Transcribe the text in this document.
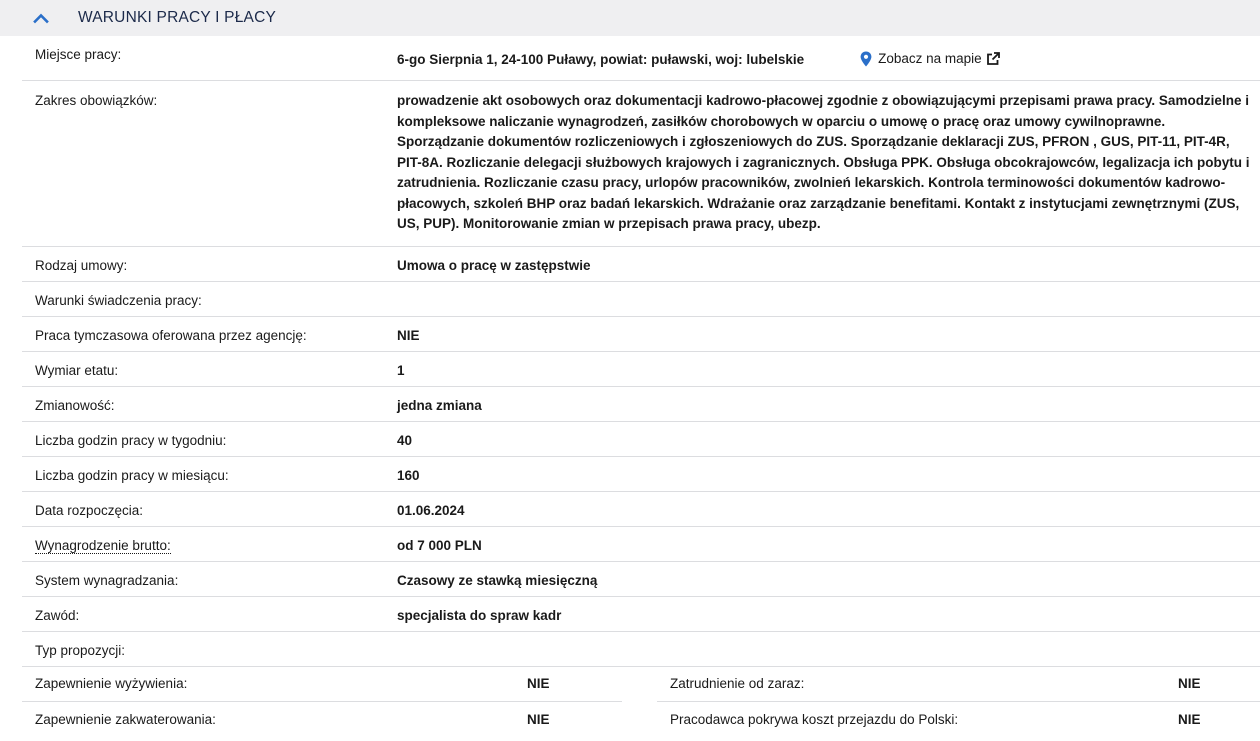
WARUNKI PRACY I PŁACY
Miejsce pracy:	6-go Sierpnia 1, 24-100 Puławy, powiat: puławski, woj: lubelskie	Zobacz na mapie
Zakres obowiązków:	prowadzenie akt osobowych oraz dokumentacji kadrowo-płacowej zgodnie z obowiązującymi przepisami prawa pracy. Samodzielne i kompleksowe naliczanie wynagrodzeń, zasiłków chorobowych w oparciu o umowę o pracę oraz umowy cywilnoprawne. Sporządzanie dokumentów rozliczeniowych i zgłoszeniowych do ZUS. Sporządzanie deklaracji ZUS, PFRON , GUS, PIT-11, PIT-4R, PIT-8A. Rozliczanie delegacji służbowych krajowych i zagranicznych. Obsługa PPK. Obsługa obcokrajowców, legalizacja ich pobytu i zatrudnienia. Rozliczanie czasu pracy, urlopów pracowników, zwolnień lekarskich. Kontrola terminowości dokumentów kadrowo-płacowych, szkoleń BHP oraz badań lekarskich. Wdrażanie oraz zarządzanie benefitami. Kontakt z instytucjami zewnętrznymi (ZUS, US, PUP). Monitorowanie zmian w przepisach prawa pracy, ubezp.
Rodzaj umowy:	Umowa o pracę w zastępstwie
Warunki świadczenia pracy:
Praca tymczasowa oferowana przez agencję:	NIE
Wymiar etatu:	1
Zmianowość:	jedna zmiana
Liczba godzin pracy w tygodniu:	40
Liczba godzin pracy w miesiącu:	160
Data rozpoczęcia:	01.06.2024
Wynagrodzenie brutto:	od 7 000 PLN
System wynagradzania:	Czasowy ze stawką miesięczną
Zawód:	specjalista do spraw kadr
Typ propozycji:
Zapewnienie wyżywienia:	NIE	Zatrudnienie od zaraz:	NIE
Zapewnienie zakwaterowania:	NIE	Pracodawca pokrywa koszt przejazdu do Polski:	NIE
